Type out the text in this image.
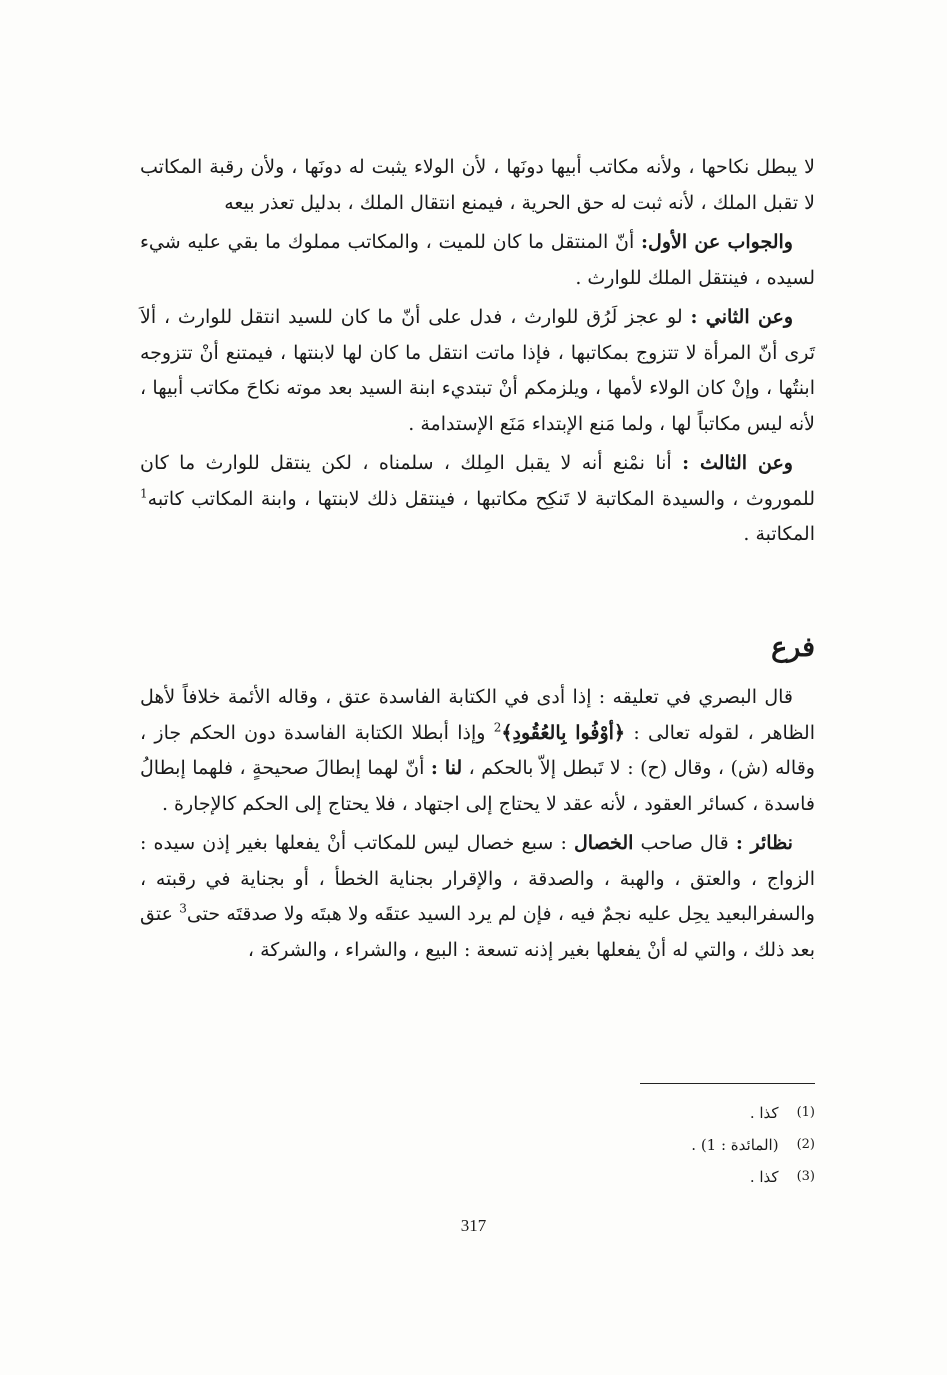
لا يبطل نكاحها ، ولأنه مكاتب أبيها دونَها ، لأن الولاء يثبت له دونَها ، ولأن رقبة المكاتب لا تقبل الملك ، لأنه ثبت له حق الحرية ، فيمنع انتقال الملك ، بدليل تعذر بيعه

والجواب عن الأول: أنّ المنتقل ما كان للميت ، والمكاتب مملوك ما بقي عليه شيء لسيده ، فينتقل الملك للوارث .

وعن الثاني : لو عجز لَرُق للوارث ، فدل على أنّ ما كان للسيد انتقل للوارث ، ألاَ تَرى أنّ المرأة لا تتزوج بمكاتبها ، فإذا ماتت انتقل ما كان لها لابنتها ، فيمتنع أنْ تتزوجه ابنتُها ، وإنْ كان الولاء لأمها ، ويلزمكم أنْ تبتديء ابنة السيد بعد موته نكاحَ مكاتب أبيها ، لأنه ليس مكاتباً لها ، ولما مَنع الإبتداء مَنَع الإستدامة .

وعن الثالث : أنا نمْنع أنه لا يقبل المِلك ، سلمناه ، لكن ينتقل للوارث ما كان للموروث ، والسيدة المكاتبة لا تَنكِح مكاتبها ، فينتقل ذلك لابنتها ، وابنة المكاتب كاتبه$^1$ المكاتبة .

فرع

قال البصري في تعليقه : إذا أدى في الكتابة الفاسدة عتق ، وقاله الأئمة خلافاً لأهل الظاهر ، لقوله تعالى : ﴿أوْفُوا بِالعُقُودِ﴾$^2$ وإذا أبطلا الكتابة الفاسدة دون الحكم جاز ، وقاله (ش) ، وقال (ح) : لا تَبطل إلاّ بالحكم ، لنا : أنّ لهما إبطالَ صحيحةٍ ، فلهما إبطالُ فاسدة ، كسائر العقود ، لأنه عقد لا يحتاج إلى اجتهاد ، فلا يحتاج إلى الحكم كالإجارة .

نظائر : قال صاحب الخصال : سبع خصال ليس للمكاتب أنْ يفعلها بغير إذن سيده : الزواج ، والعتق ، والهبة ، والصدقة ، والإقرار بجناية الخطأ ، أو بجناية في رقبته ، والسفرالبعيد يحِل عليه نجمٌ فيه ، فإن لم يرد السيد عتقَه ولا هبتَه ولا صدقتَه حتى$^3$ عتق بعد ذلك ، والتي له أنْ يفعلها بغير إذنه تسعة : البيع ، والشراء ، والشركة ،

(1)
كذا .
(2)
(المائدة : 1) .
(3)
كذا .
317
